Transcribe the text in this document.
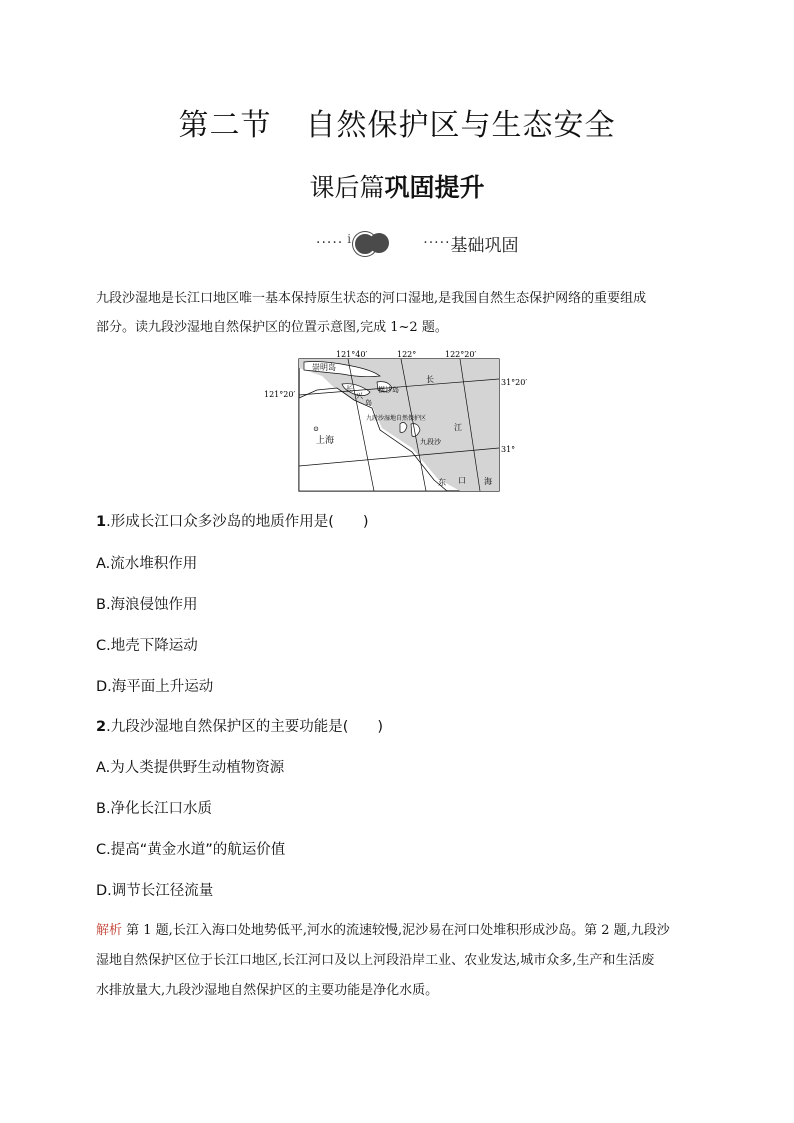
第二节 自然保护区与生态安全
课后篇巩固提升
····· i	····· 基础巩固
九段沙湿地是长江口地区唯一基本保持原生状态的河口湿地,是我国自然生态保护网络的重要组成
部分。读九段沙湿地自然保护区的位置示意图,完成 1~2 题。
121°40′	122°	122°20′
121°20′
31°20′
31°
崇明岛
横沙岛
长
长
兴
岛
江
九段沙湿地自然保护区
九段沙
⊙
上海
东 口 海
1.形成长江口众多沙岛的地质作用是(　　)
A.流水堆积作用
B.海浪侵蚀作用
C.地壳下降运动
D.海平面上升运动
2.九段沙湿地自然保护区的主要功能是(　　)
A.为人类提供野生动植物资源
B.净化长江口水质
C.提高“黄金水道”的航运价值
D.调节长江径流量
解析 第 1 题,长江入海口处地势低平,河水的流速较慢,泥沙易在河口处堆积形成沙岛。第 2 题,九段沙
湿地自然保护区位于长江口地区,长江河口及以上河段沿岸工业、农业发达,城市众多,生产和生活废
水排放量大,九段沙湿地自然保护区的主要功能是净化水质。
